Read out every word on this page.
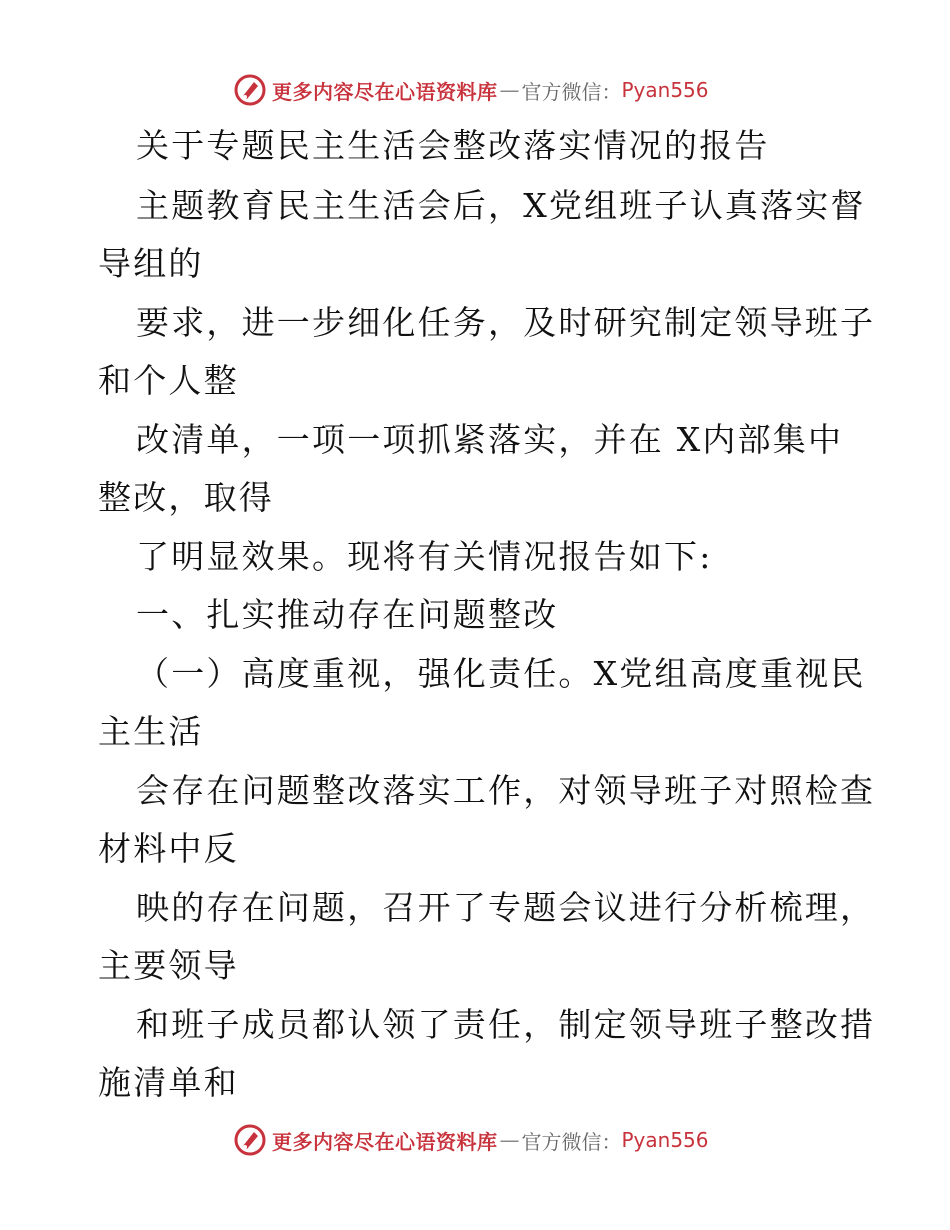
更多内容尽在心语资料库 — 官方微信： Pyan556
关于专题民主生活会整改落实情况的报告
主题教育民主生活会后，X党组班子认真落实督
导组的
要求，进一步细化任务，及时研究制定领导班子
和个人整
改清单，一项一项抓紧落实，并在 X内部集中
整改，取得
了明显效果。现将有关情况报告如下:
一、扎实推动存在问题整改
（一）高度重视，强化责任。X党组高度重视民
主生活
会存在问题整改落实工作，对领导班子对照检查
材料中反
映的存在问题，召开了专题会议进行分析梳理，
主要领导
和班子成员都认领了责任，制定领导班子整改措
施清单和
更多内容尽在心语资料库 — 官方微信： Pyan556
